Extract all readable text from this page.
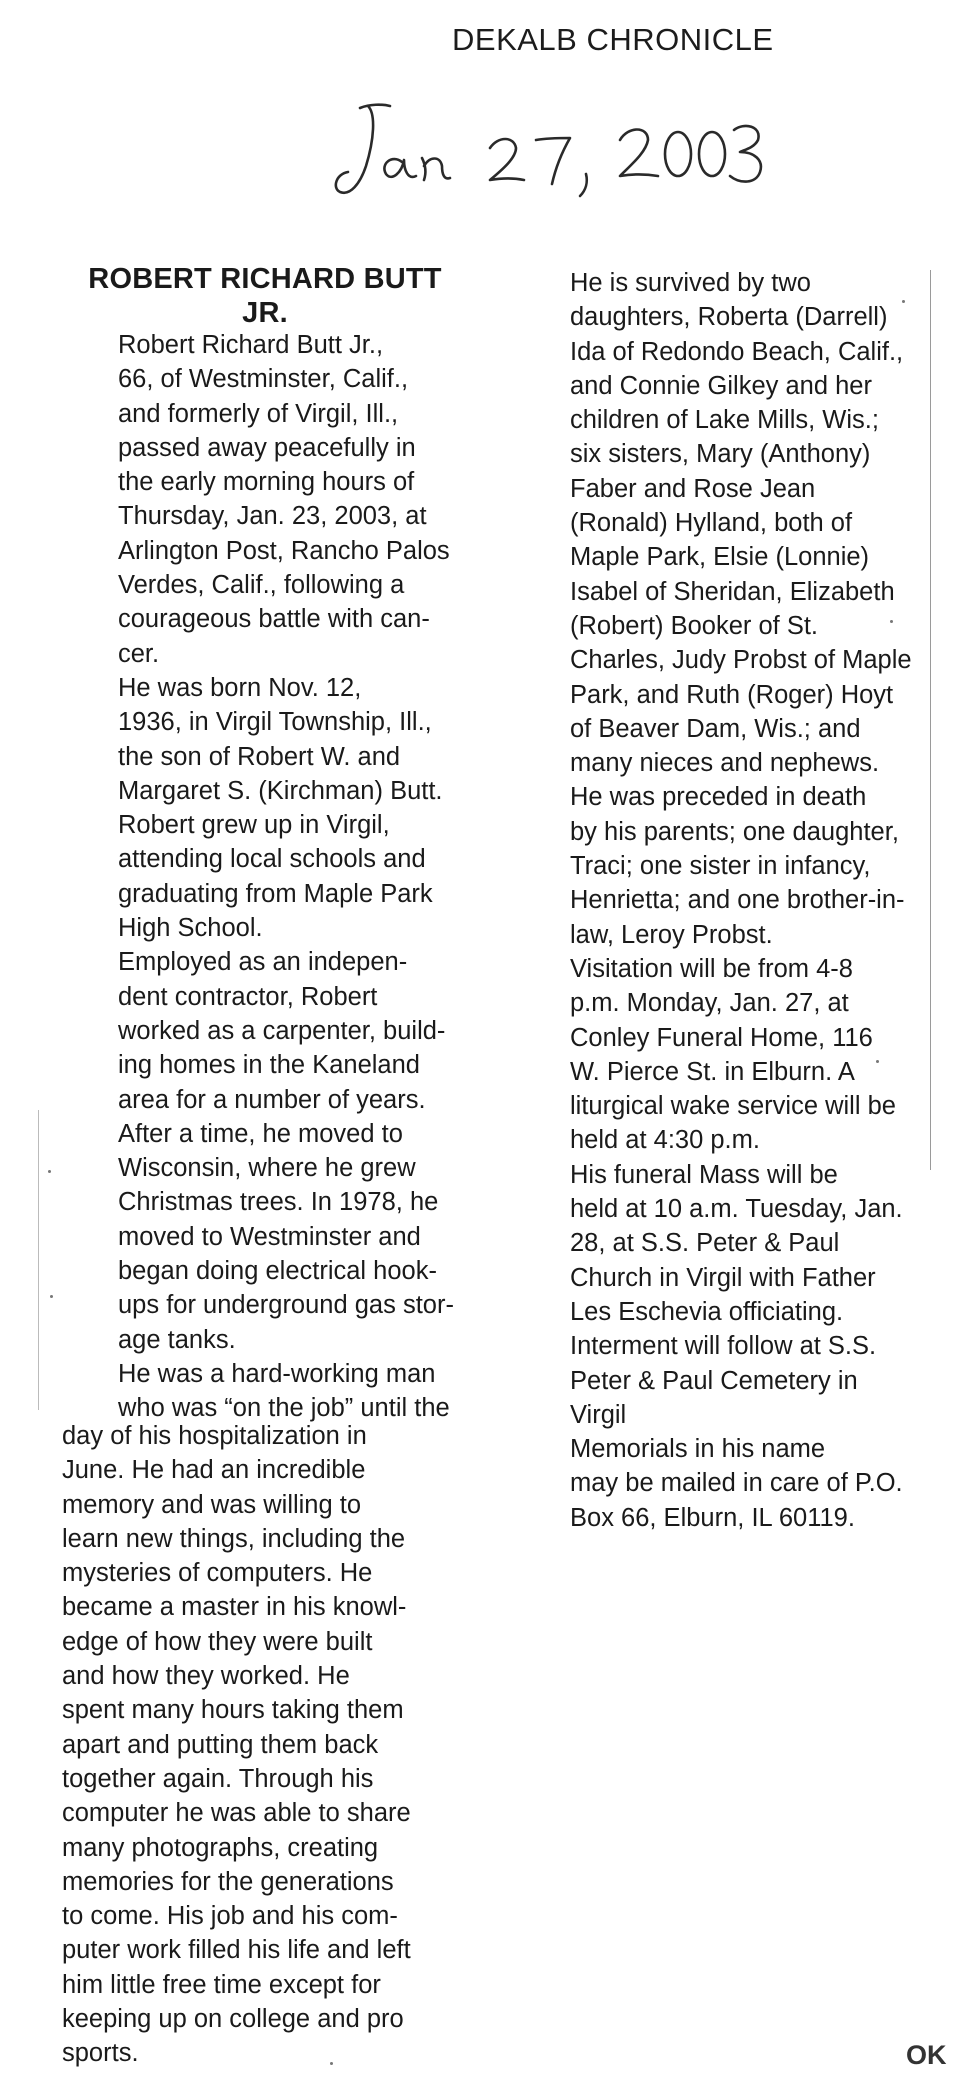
DEKALB CHRONICLE
ROBERT RICHARD BUTT JR.

Robert Richard Butt Jr.,
66, of Westminster, Calif.,
and formerly of Virgil, Ill.,
passed away peacefully in
the early morning hours of
Thursday, Jan. 23, 2003, at
Arlington Post, Rancho Palos
Verdes, Calif., following a
courageous battle with can-
cer.

He was born Nov. 12,
1936, in Virgil Township, Ill.,
the son of Robert W. and
Margaret S. (Kirchman) Butt.
Robert grew up in Virgil,
attending local schools and
graduating from Maple Park
High School.

Employed as an indepen-
dent contractor, Robert
worked as a carpenter, build-
ing homes in the Kaneland
area for a number of years.
After a time, he moved to
Wisconsin, where he grew
Christmas trees. In 1978, he
moved to Westminster and
began doing electrical hook-
ups for underground gas stor-
age tanks.

He was a hard-working man
who was “on the job” until the

day of his hospitalization in
June. He had an incredible
memory and was willing to
learn new things, including the
mysteries of computers. He
became a master in his knowl-
edge of how they were built
and how they worked. He
spent many hours taking them
apart and putting them back
together again. Through his
computer he was able to share
many photographs, creating
memories for the generations
to come. His job and his com-
puter work filled his life and left
him little free time except for
keeping up on college and pro
sports.

He is survived by two
daughters, Roberta (Darrell)
Ida of Redondo Beach, Calif.,
and Connie Gilkey and her
children of Lake Mills, Wis.;
six sisters, Mary (Anthony)
Faber and Rose Jean
(Ronald) Hylland, both of
Maple Park, Elsie (Lonnie)
Isabel of Sheridan, Elizabeth
(Robert) Booker of St.
Charles, Judy Probst of Maple
Park, and Ruth (Roger) Hoyt
of Beaver Dam, Wis.; and
many nieces and nephews.

He was preceded in death
by his parents; one daughter,
Traci; one sister in infancy,
Henrietta; and one brother-in-
law, Leroy Probst.

Visitation will be from 4-8
p.m. Monday, Jan. 27, at
Conley Funeral Home, 116
W. Pierce St. in Elburn. A
liturgical wake service will be
held at 4:30 p.m.

His funeral Mass will be
held at 10 a.m. Tuesday, Jan.
28, at S.S. Peter & Paul
Church in Virgil with Father
Les Eschevia officiating.
Interment will follow at S.S.
Peter & Paul Cemetery in
Virgil

Memorials in his name
may be mailed in care of P.O.
Box 66, Elburn, IL 60119.

OK
